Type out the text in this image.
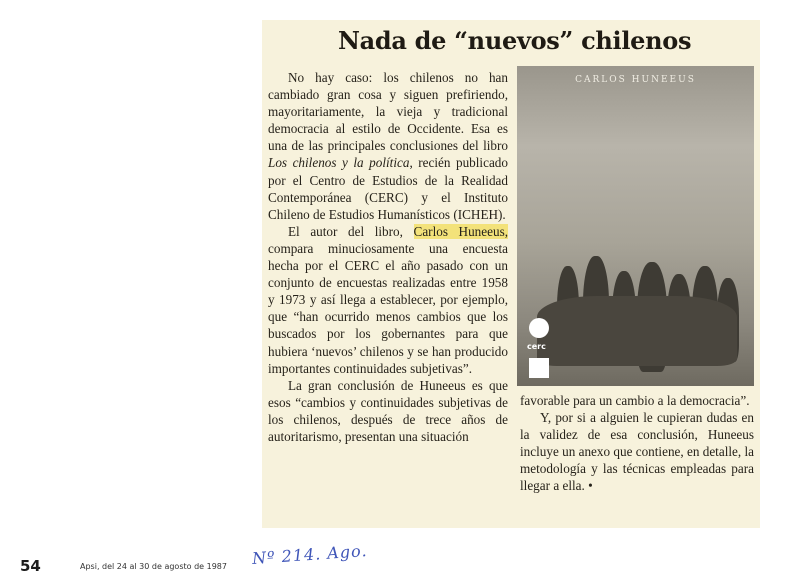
Nada de “nuevos” chilenos

No hay caso: los chilenos no han cambiado gran cosa y siguen prefiriendo, mayoritariamente, la vieja y tradicional democracia al estilo de Occidente. Esa es una de las principales conclusiones del libro Los chilenos y la política, recién publicado por el Centro de Estudios de la Realidad Contemporánea (CERC) y el Instituto Chileno de Estudios Humanísticos (ICHEH).

El autor del libro, Carlos Huneeus, compara minuciosamente una encuesta hecha por el CERC el año pasado con un conjunto de encuestas realizadas entre 1958 y 1973 y así llega a establecer, por ejemplo, que “han ocurrido menos cambios que los buscados por los gobernantes para que hubiera ‘nuevos’ chilenos y se han producido importantes continuidades subjetivas”.

La gran conclusión de Huneeus es que esos “cambios y continuidades subjetivas de los chilenos, después de trece años de autoritarismo, presentan una situación

CARLOS HUNEEUS
cerc

favorable para un cambio a la democracia”.

Y, por si a alguien le cupieran dudas en la validez de esa conclusión, Huneeus incluye un anexo que contiene, en detalle, la metodología y las técnicas empleadas para llegar a ella. •

54	Apsi, del 24 al 30 de agosto de 1987 Nº 214. Ago.
